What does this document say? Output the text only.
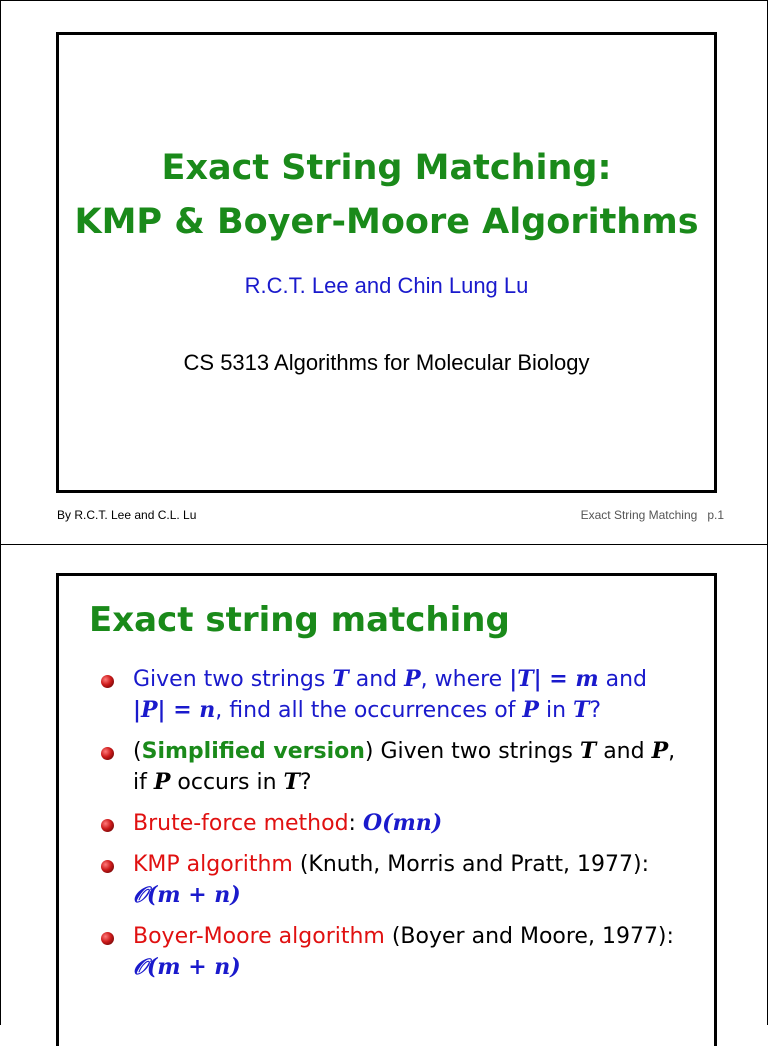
Exact String Matching:
KMP & Boyer-Moore Algorithms
R.C.T. Lee and Chin Lung Lu
CS 5313 Algorithms for Molecular Biology
By R.C.T. Lee and C.L. Lu	Exact String Matching   p.1
Exact string matching
Given two strings T and P, where |T| = m and
|P| = n, find all the occurrences of P in T?
(Simplified version) Given two strings T and P,
if P occurs in T?
Brute-force method: O(mn)
KMP algorithm (Knuth, Morris and Pratt, 1977):
𝒪(m + n)
Boyer-Moore algorithm (Boyer and Moore, 1977):
𝒪(m + n)
